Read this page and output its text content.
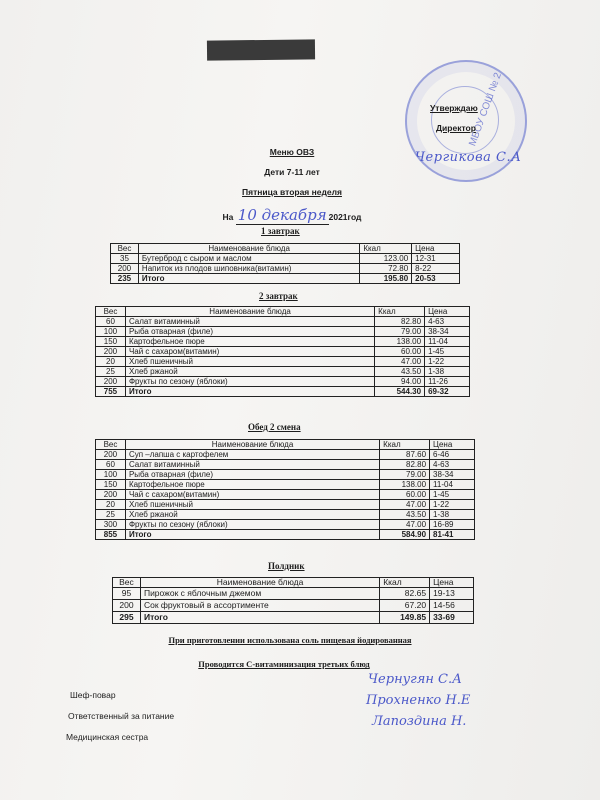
МБОУ СОШ № 2
Утверждаю
Директор
Чергикова С.А
Меню ОВЗ
Дети 7-11 лет
Пятница вторая неделя
На 10 декабря 2021год
1 завтрак
Вес	Наименование блюда	Ккал	Цена
35	Бутерброд с сыром и маслом	123.00	12-31
200	Напиток из плодов шиповника(витамин)	72.80	8-22
235	Итого	195.80	20-53
2 завтрак
Вес	Наименование блюда	Ккал	Цена
60	Салат витаминный	82.80	4-63
100	Рыба отварная (филе)	79.00	38-34
150	Картофельное пюре	138.00	11-04
200	Чай с сахаром(витамин)	60.00	1-45
20	Хлеб пшеничный	47.00	1-22
25	Хлеб ржаной	43.50	1-38
200	Фрукты по сезону (яблоки)	94.00	11-26
755	Итого	544.30	69-32
Обед 2 смена
Вес	Наименование блюда	Ккал	Цена
200	Суп –лапша с картофелем	87.60	6-46
60	Салат витаминный	82.80	4-63
100	Рыба отварная (филе)	79.00	38-34
150	Картофельное пюре	138.00	11-04
200	Чай с сахаром(витамин)	60.00	1-45
20	Хлеб пшеничный	47.00	1-22
25	Хлеб ржаной	43.50	1-38
300	Фрукты по сезону (яблоки)	47.00	16-89
855	Итого	584.90	81-41
Полдник
Вес	Наименование блюда	Ккал	Цена
95	Пирожок с яблочным джемом	82.65	19-13
200	Сок фруктовый в ассортименте	67.20	14-56
295	Итого	149.85	33-69
При приготовлении использована соль пищевая йодированная
Проводится С-витаминизация третьих блюд
Шеф-повар
Чернугян С.А
Ответственный за питание
Прохненко Н.Е
Медицинская сестра
Лапоздина Н.
